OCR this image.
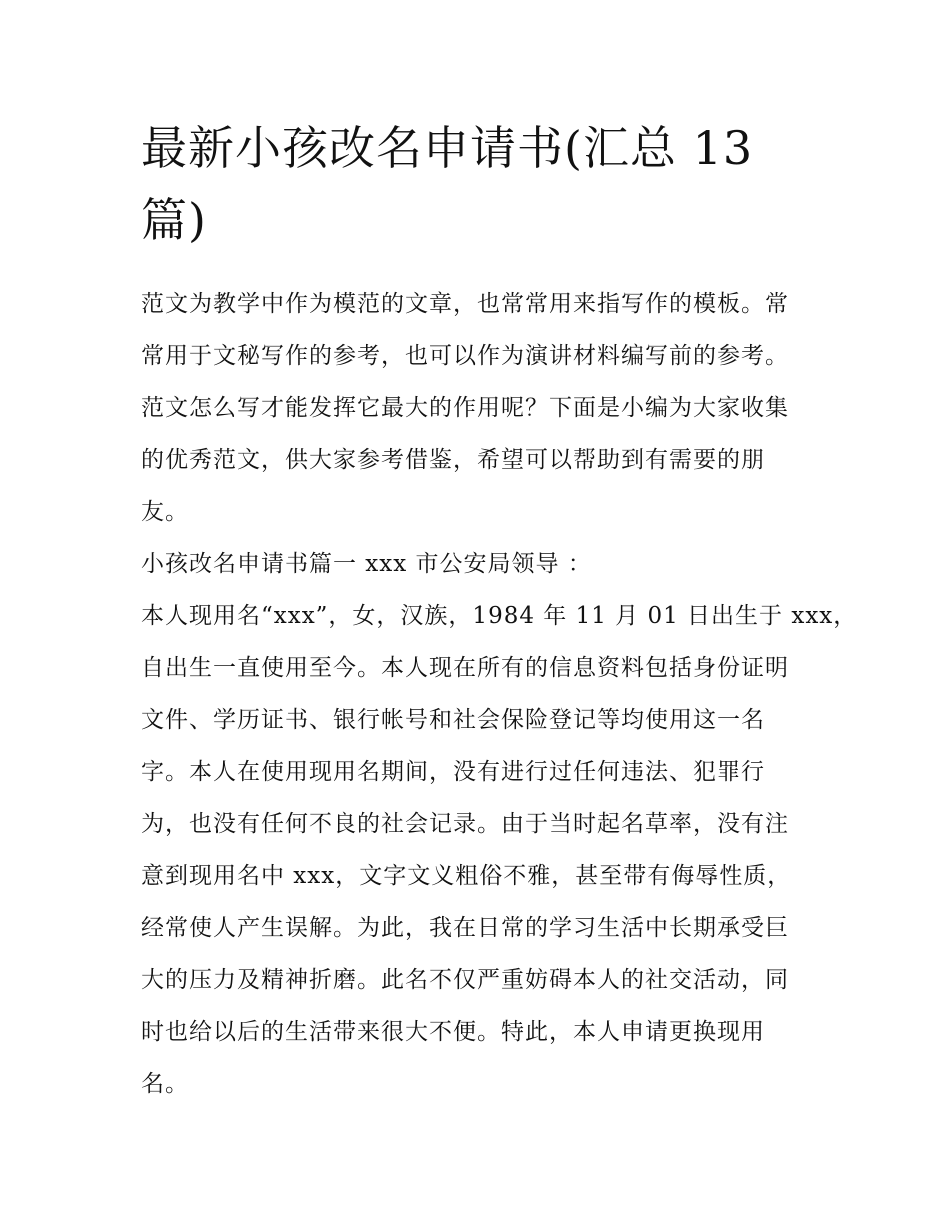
最新小孩改名申请书(汇总 13
篇)

范文为教学中作为模范的文章，也常常用来指写作的模板。常
常用于文秘写作的参考，也可以作为演讲材料编写前的参考。
范文怎么写才能发挥它最大的作用呢？下面是小编为大家收集
的优秀范文，供大家参考借鉴，希望可以帮助到有需要的朋
友。

小孩改名申请书篇一 xxx 市公安局领导 ：

本人现用名“xxx”，女，汉族，1984 年 11 月 01 日出生于 xxx，
自出生一直使用至今。本人现在所有的信息资料包括身份证明
文件、学历证书、银行帐号和社会保险登记等均使用这一名
字。本人在使用现用名期间，没有进行过任何违法、犯罪行
为，也没有任何不良的社会记录。由于当时起名草率，没有注
意到现用名中 xxx，文字文义粗俗不雅，甚至带有侮辱性质，
经常使人产生误解。为此，我在日常的学习生活中长期承受巨
大的压力及精神折磨。此名不仅严重妨碍本人的社交活动，同
时也给以后的生活带来很大不便。特此，本人申请更换现用
名。
